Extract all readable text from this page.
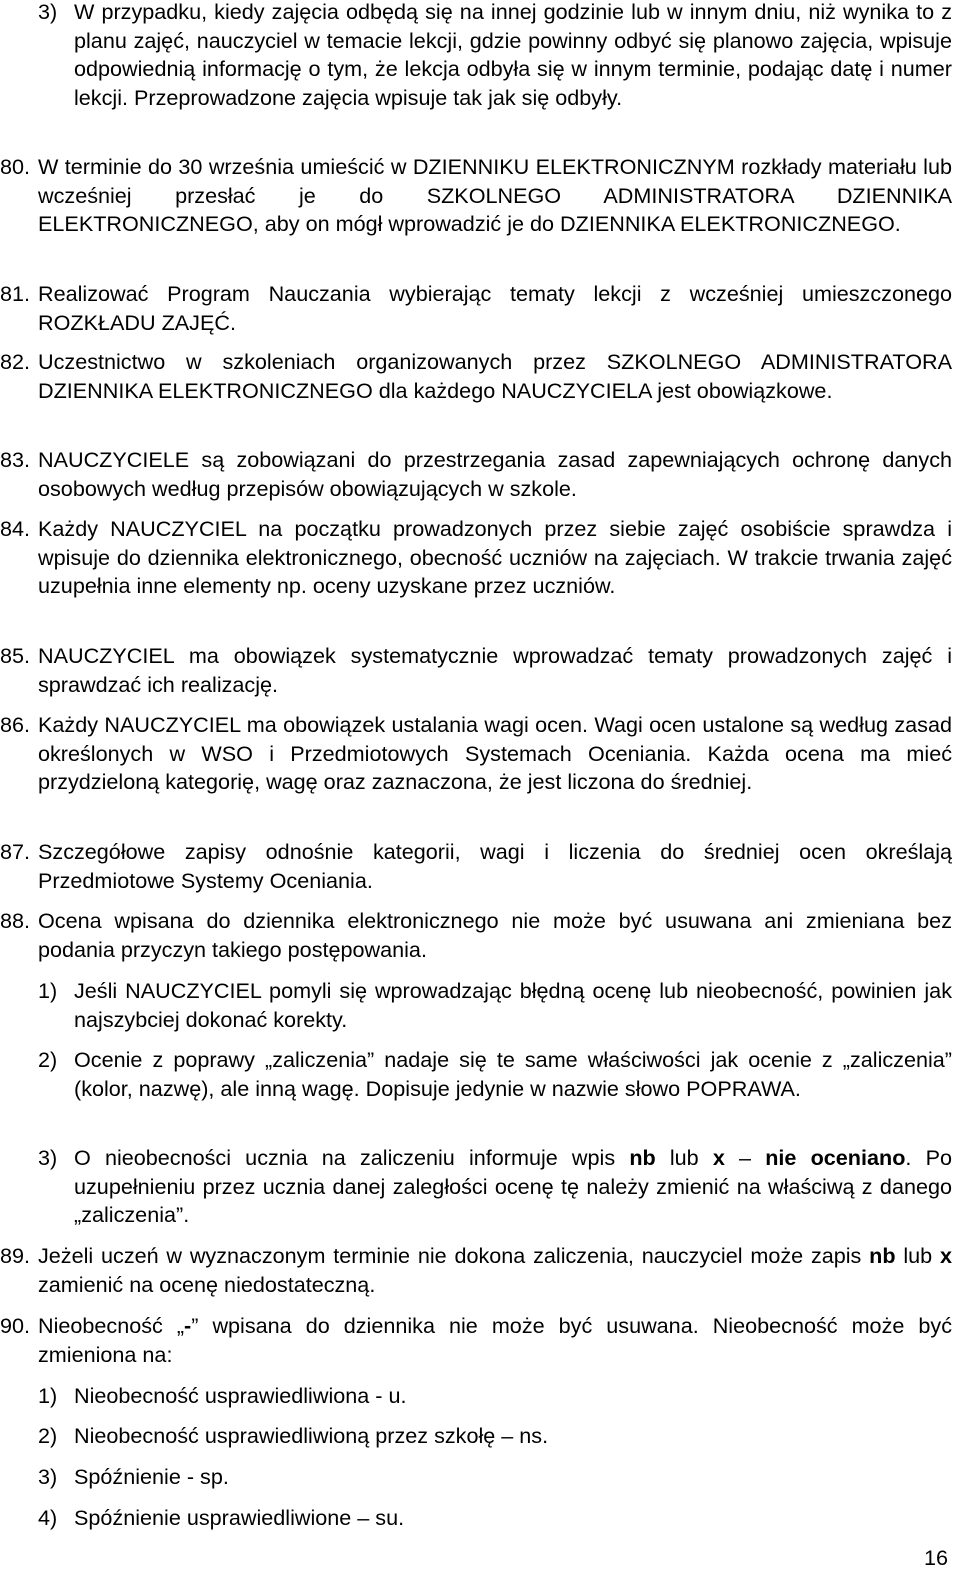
3) W przypadku, kiedy zajęcia odbędą się na innej godzinie lub w innym dniu, niż wynika to z planu zajęć, nauczyciel w temacie lekcji, gdzie powinny odbyć się planowo zajęcia, wpisuje odpowiednią informację o tym, że lekcja odbyła się w innym terminie, podając datę i numer lekcji. Przeprowadzone zajęcia wpisuje tak jak się odbyły.
80. W terminie do 30 września umieścić w DZIENNIKU ELEKTRONICZNYM rozkłady materiału lub wcześniej przesłać je do SZKOLNEGO ADMINISTRATORA DZIENNIKA ELEKTRONICZNEGO, aby on mógł wprowadzić je do DZIENNIKA ELEKTRONICZNEGO.
81. Realizować Program Nauczania wybierając tematy lekcji z wcześniej umieszczonego ROZKŁADU ZAJĘĆ.
82. Uczestnictwo w szkoleniach organizowanych przez SZKOLNEGO ADMINISTRATORA DZIENNIKA ELEKTRONICZNEGO dla każdego NAUCZYCIELA jest obowiązkowe.
83. NAUCZYCIELE są zobowiązani do przestrzegania zasad zapewniających ochronę danych osobowych według przepisów obowiązujących w szkole.
84. Każdy NAUCZYCIEL na początku prowadzonych przez siebie zajęć osobiście sprawdza i wpisuje do dziennika elektronicznego, obecność uczniów na zajęciach. W trakcie trwania zajęć uzupełnia inne elementy np. oceny uzyskane przez uczniów.
85. NAUCZYCIEL ma obowiązek systematycznie wprowadzać tematy prowadzonych zajęć i sprawdzać ich realizację.
86. Każdy NAUCZYCIEL ma obowiązek ustalania wagi ocen. Wagi ocen ustalone są według zasad określonych w WSO i Przedmiotowych Systemach Oceniania. Każda ocena ma mieć przydzieloną kategorię, wagę oraz zaznaczona, że jest liczona do średniej.
87. Szczegółowe zapisy odnośnie kategorii, wagi i liczenia do średniej ocen określają Przedmiotowe Systemy Oceniania.
88. Ocena wpisana do dziennika elektronicznego nie może być usuwana ani zmieniana bez podania przyczyn takiego postępowania.
1) Jeśli NAUCZYCIEL pomyli się wprowadzając błędną ocenę lub nieobecność, powinien jak najszybciej dokonać korekty.
2) Ocenie z poprawy „zaliczenia” nadaje się te same właściwości jak ocenie z „zaliczenia” (kolor, nazwę), ale inną wagę. Dopisuje jedynie w nazwie słowo POPRAWA.
3) O nieobecności ucznia na zaliczeniu informuje wpis nb lub x – nie oceniano. Po uzupełnieniu przez ucznia danej zaległości ocenę tę należy zmienić na właściwą z danego „zaliczenia”.
89. Jeżeli uczeń w wyznaczonym terminie nie dokona zaliczenia, nauczyciel może zapis nb lub x zamienić na ocenę niedostateczną.
90. Nieobecność „-” wpisana do dziennika nie może być usuwana. Nieobecność może być zmieniona na:
1) Nieobecność usprawiedliwiona - u.
2) Nieobecność usprawiedliwioną przez szkołę – ns.
3) Spóźnienie - sp.
4) Spóźnienie usprawiedliwione – su.
16
